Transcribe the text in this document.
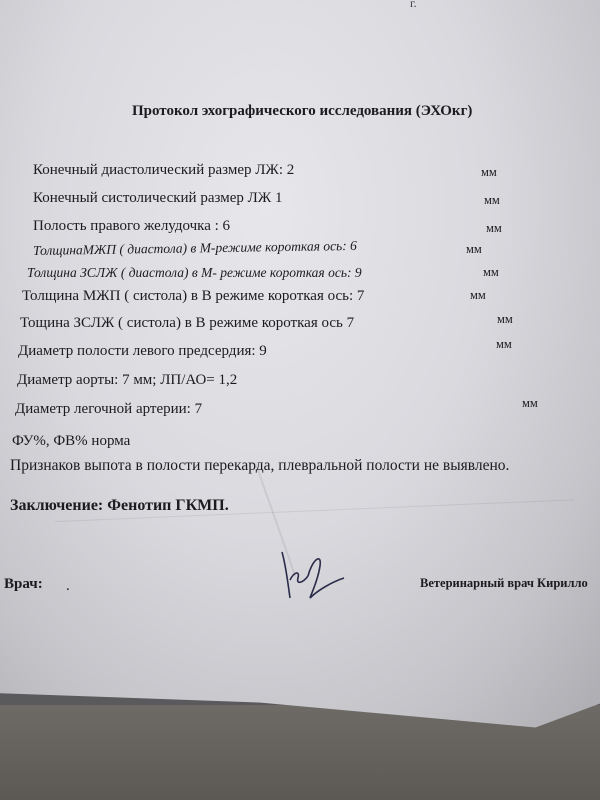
г.
Протокол эхографического исследования (ЭХОкг)
Конечный диастолический размер ЛЖ: 2	мм
Конечный систолический размер ЛЖ 1	мм
Полость правого желудочка : 6	мм
ТолщинаМЖП ( диастола) в М-режиме короткая ось: 6	мм
Толщина ЗСЛЖ ( диастола) в М- режиме короткая ось: 9	мм
Толщина МЖП ( систола) в В режиме короткая ось: 7	мм
Тощина ЗСЛЖ ( систола) в В режиме короткая ось 7	мм
Диаметр полости левого предсердия: 9	мм
Диаметр аорты: 7 мм; ЛП/АО= 1,2
Диаметр легочной артерии: 7	мм
ФУ%, ФВ% норма
Признаков выпота в полости перекарда, плевральной полости не выявлено.
Заключение: Фенотип ГКМП.
Врач: .	Ветеринарный врач Кирилло
